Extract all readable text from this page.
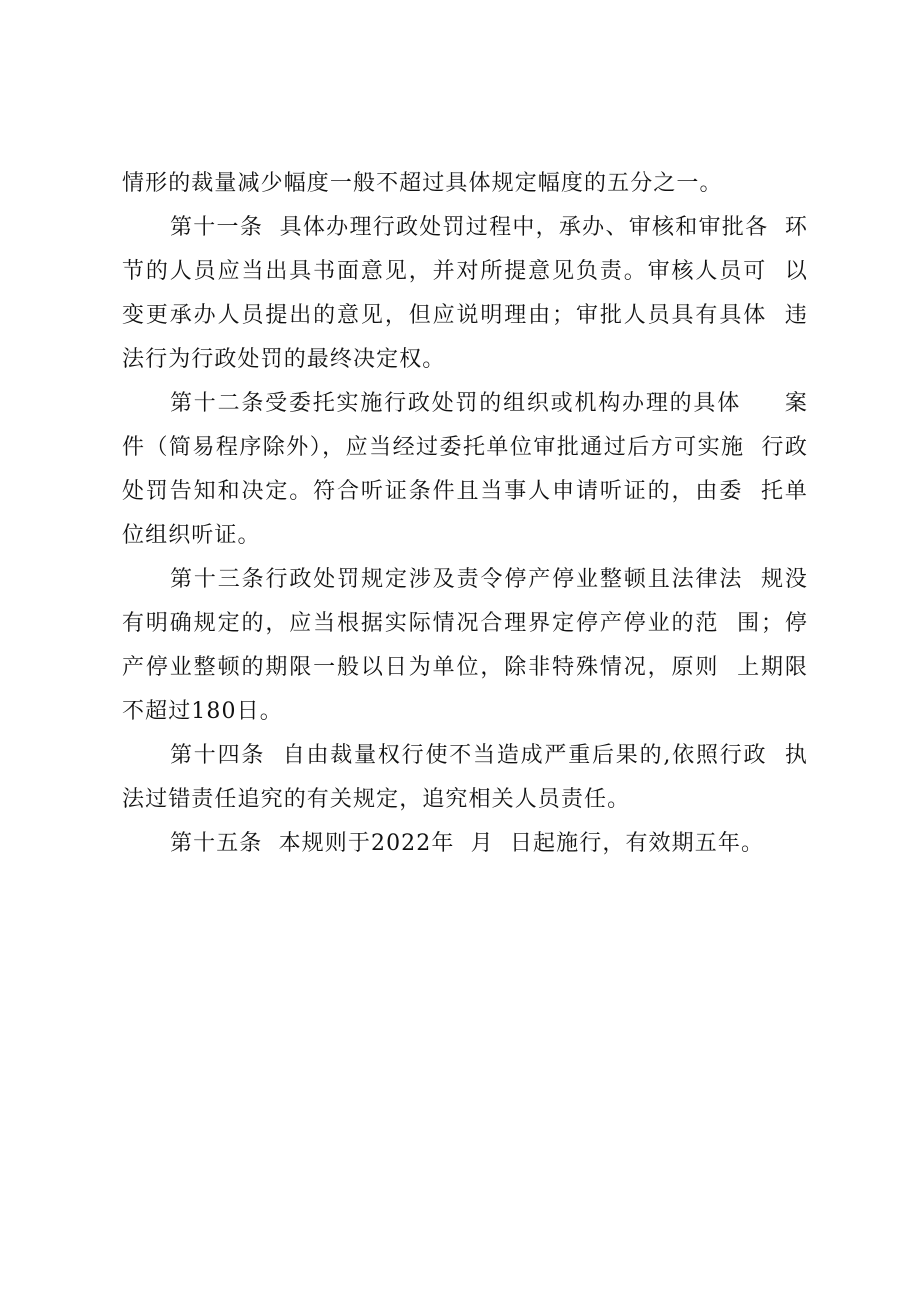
情形的裁量减少幅度一般不超过具体规定幅度的五分之一。

第十一条  具体办理行政处罚过程中，承办、审核和审批各  环节的人员应当出具书面意见，并对所提意见负责。审核人员可  以变更承办人员提出的意见，但应说明理由；审批人员具有具体  违法行为行政处罚的最终决定权。

第十二条受委托实施行政处罚的组织或机构办理的具体     案件（简易程序除外），应当经过委托单位审批通过后方可实施  行政处罚告知和决定。符合听证条件且当事人申请听证的，由委  托单位组织听证。

第十三条行政处罚规定涉及责令停产停业整顿且法律法  规没有明确规定的，应当根据实际情况合理界定停产停业的范  围；停产停业整顿的期限一般以日为单位，除非特殊情况，原则  上期限不超过180日。

第十四条  自由裁量权行使不当造成严重后果的,依照行政  执法过错责任追究的有关规定，追究相关人员责任。

第十五条  本规则于2022年  月  日起施行，有效期五年。
